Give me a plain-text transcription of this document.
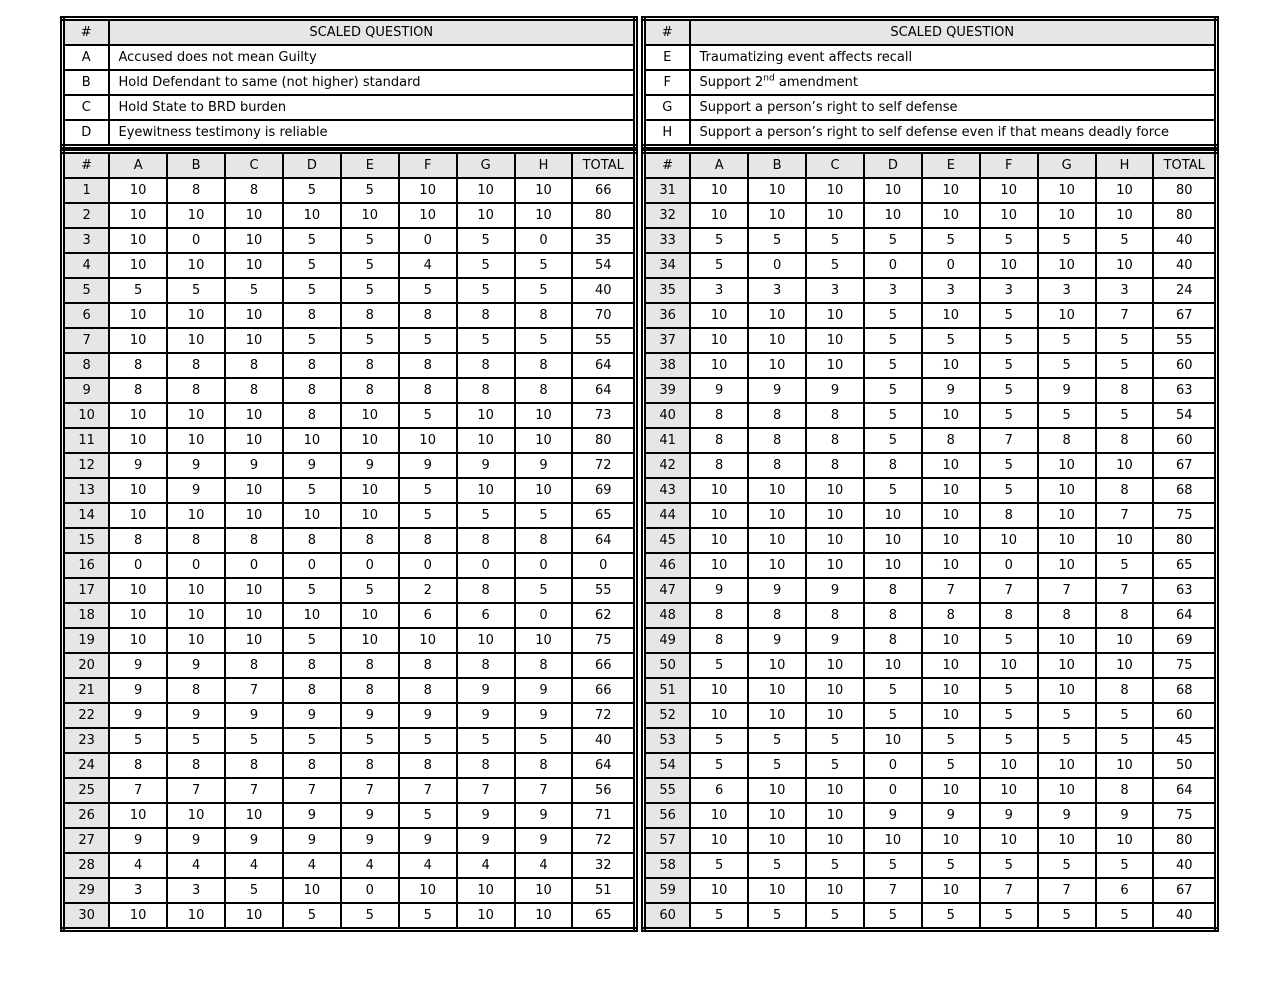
#	SCALED QUESTION
A	Accused does not mean Guilty
B	Hold Defendant to same (not higher) standard
C	Hold State to BRD burden
D	Eyewitness testimony is reliable
#	A	B	C	D	E	F	G	H	TOTAL
1	10	8	8	5	5	10	10	10	66
2	10	10	10	10	10	10	10	10	80
3	10	0	10	5	5	0	5	0	35
4	10	10	10	5	5	4	5	5	54
5	5	5	5	5	5	5	5	5	40
6	10	10	10	8	8	8	8	8	70
7	10	10	10	5	5	5	5	5	55
8	8	8	8	8	8	8	8	8	64
9	8	8	8	8	8	8	8	8	64
10	10	10	10	8	10	5	10	10	73
11	10	10	10	10	10	10	10	10	80
12	9	9	9	9	9	9	9	9	72
13	10	9	10	5	10	5	10	10	69
14	10	10	10	10	10	5	5	5	65
15	8	8	8	8	8	8	8	8	64
16	0	0	0	0	0	0	0	0	0
17	10	10	10	5	5	2	8	5	55
18	10	10	10	10	10	6	6	0	62
19	10	10	10	5	10	10	10	10	75
20	9	9	8	8	8	8	8	8	66
21	9	8	7	8	8	8	9	9	66
22	9	9	9	9	9	9	9	9	72
23	5	5	5	5	5	5	5	5	40
24	8	8	8	8	8	8	8	8	64
25	7	7	7	7	7	7	7	7	56
26	10	10	10	9	9	5	9	9	71
27	9	9	9	9	9	9	9	9	72
28	4	4	4	4	4	4	4	4	32
29	3	3	5	10	0	10	10	10	51
30	10	10	10	5	5	5	10	10	65
#	SCALED QUESTION
E	Traumatizing event affects recall
F	Support 2nd amendment
G	Support a person’s right to self defense
H	Support a person’s right to self defense even if that means deadly force
#	A	B	C	D	E	F	G	H	TOTAL
31	10	10	10	10	10	10	10	10	80
32	10	10	10	10	10	10	10	10	80
33	5	5	5	5	5	5	5	5	40
34	5	0	5	0	0	10	10	10	40
35	3	3	3	3	3	3	3	3	24
36	10	10	10	5	10	5	10	7	67
37	10	10	10	5	5	5	5	5	55
38	10	10	10	5	10	5	5	5	60
39	9	9	9	5	9	5	9	8	63
40	8	8	8	5	10	5	5	5	54
41	8	8	8	5	8	7	8	8	60
42	8	8	8	8	10	5	10	10	67
43	10	10	10	5	10	5	10	8	68
44	10	10	10	10	10	8	10	7	75
45	10	10	10	10	10	10	10	10	80
46	10	10	10	10	10	0	10	5	65
47	9	9	9	8	7	7	7	7	63
48	8	8	8	8	8	8	8	8	64
49	8	9	9	8	10	5	10	10	69
50	5	10	10	10	10	10	10	10	75
51	10	10	10	5	10	5	10	8	68
52	10	10	10	5	10	5	5	5	60
53	5	5	5	10	5	5	5	5	45
54	5	5	5	0	5	10	10	10	50
55	6	10	10	0	10	10	10	8	64
56	10	10	10	9	9	9	9	9	75
57	10	10	10	10	10	10	10	10	80
58	5	5	5	5	5	5	5	5	40
59	10	10	10	7	10	7	7	6	67
60	5	5	5	5	5	5	5	5	40
